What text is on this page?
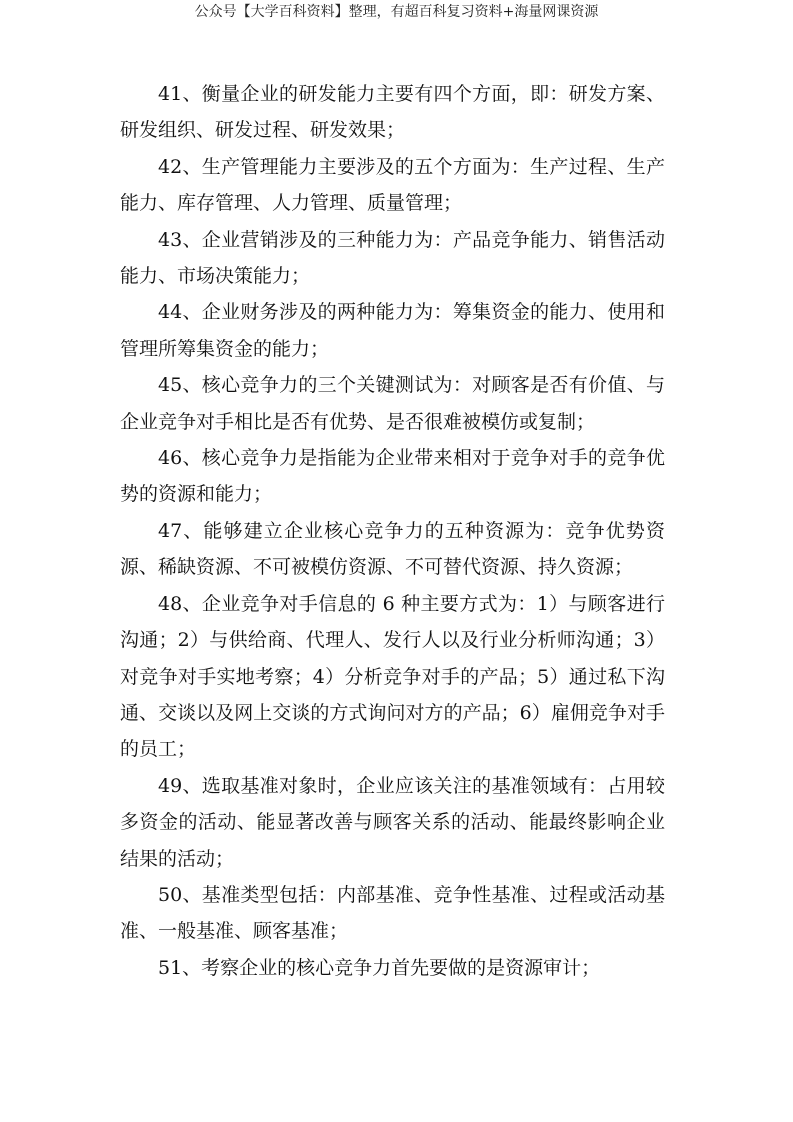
公众号【大学百科资料】整理，有超百科复习资料+海量网课资源

41、衡量企业的研发能力主要有四个方面，即：研发方案、研发组织、研发过程、研发效果；

42、生产管理能力主要涉及的五个方面为：生产过程、生产能力、库存管理、人力管理、质量管理；

43、企业营销涉及的三种能力为：产品竞争能力、销售活动能力、市场决策能力；

44、企业财务涉及的两种能力为：筹集资金的能力、使用和管理所筹集资金的能力；

45、核心竞争力的三个关键测试为：对顾客是否有价值、与企业竞争对手相比是否有优势、是否很难被模仿或复制；

46、核心竞争力是指能为企业带来相对于竞争对手的竞争优势的资源和能力；

47、能够建立企业核心竞争力的五种资源为：竞争优势资源、稀缺资源、不可被模仿资源、不可替代资源、持久资源；

48、企业竞争对手信息的 6 种主要方式为：1）与顾客进行沟通；2）与供给商、代理人、发行人以及行业分析师沟通；3）对竞争对手实地考察；4）分析竞争对手的产品；5）通过私下沟通、交谈以及网上交谈的方式询问对方的产品；6）雇佣竞争对手的员工；

49、选取基准对象时，企业应该关注的基准领域有：占用较多资金的活动、能显著改善与顾客关系的活动、能最终影响企业结果的活动；

50、基准类型包括：内部基准、竞争性基准、过程或活动基准、一般基准、顾客基准；

51、考察企业的核心竞争力首先要做的是资源审计；
